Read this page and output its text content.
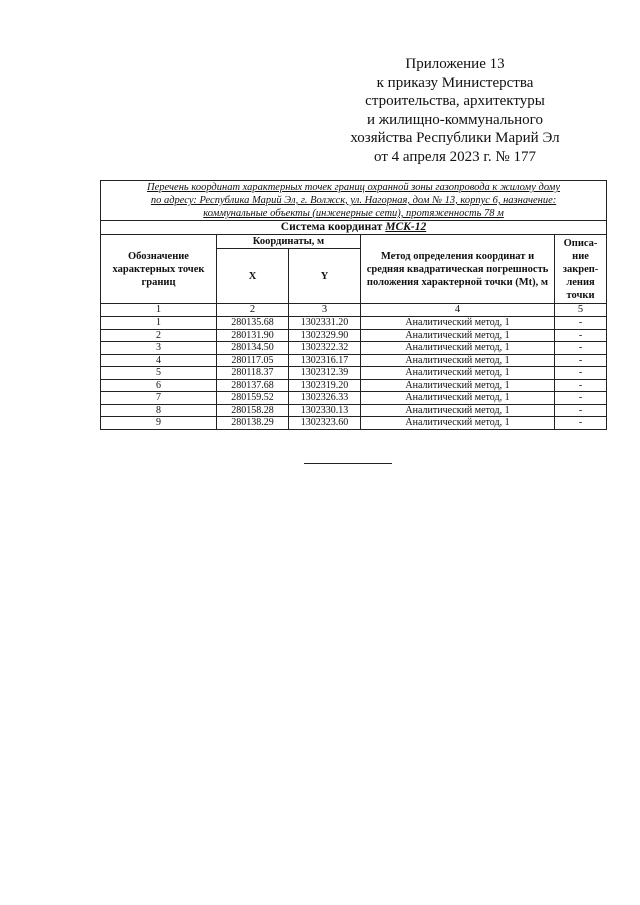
Приложение 13
к приказу Министерства
строительства, архитектуры
и жилищно-коммунального
хозяйства Республики Марий Эл
от 4 апреля 2023 г. № 177
Перечень координат характерных точек границ охранной зоны газопровода к жилому дому
по адресу: Республика Марий Эл, г. Волжск, ул. Нагорная, дом № 13, корпус 6, назначение:
коммунальные объекты (инженерные сети), протяженность 78 м				

Система координат МСК-12				
Обозначение характерных точек границ	Координаты, м		Метод определения координат и средняя квадратическая погрешность положения характерной точки (Mt), м	Описа-ние закреп-ления точки
	X	Y		
1	2	3	4	5
1	280135.68	1302331.20	Аналитический метод, 1	-
2	280131.90	1302329.90	Аналитический метод, 1	-
3	280134.50	1302322.32	Аналитический метод, 1	-
4	280117.05	1302316.17	Аналитический метод, 1	-
5	280118.37	1302312.39	Аналитический метод, 1	-
6	280137.68	1302319.20	Аналитический метод, 1	-
7	280159.52	1302326.33	Аналитический метод, 1	-
8	280158.28	1302330.13	Аналитический метод, 1	-
9	280138.29	1302323.60	Аналитический метод, 1	-
